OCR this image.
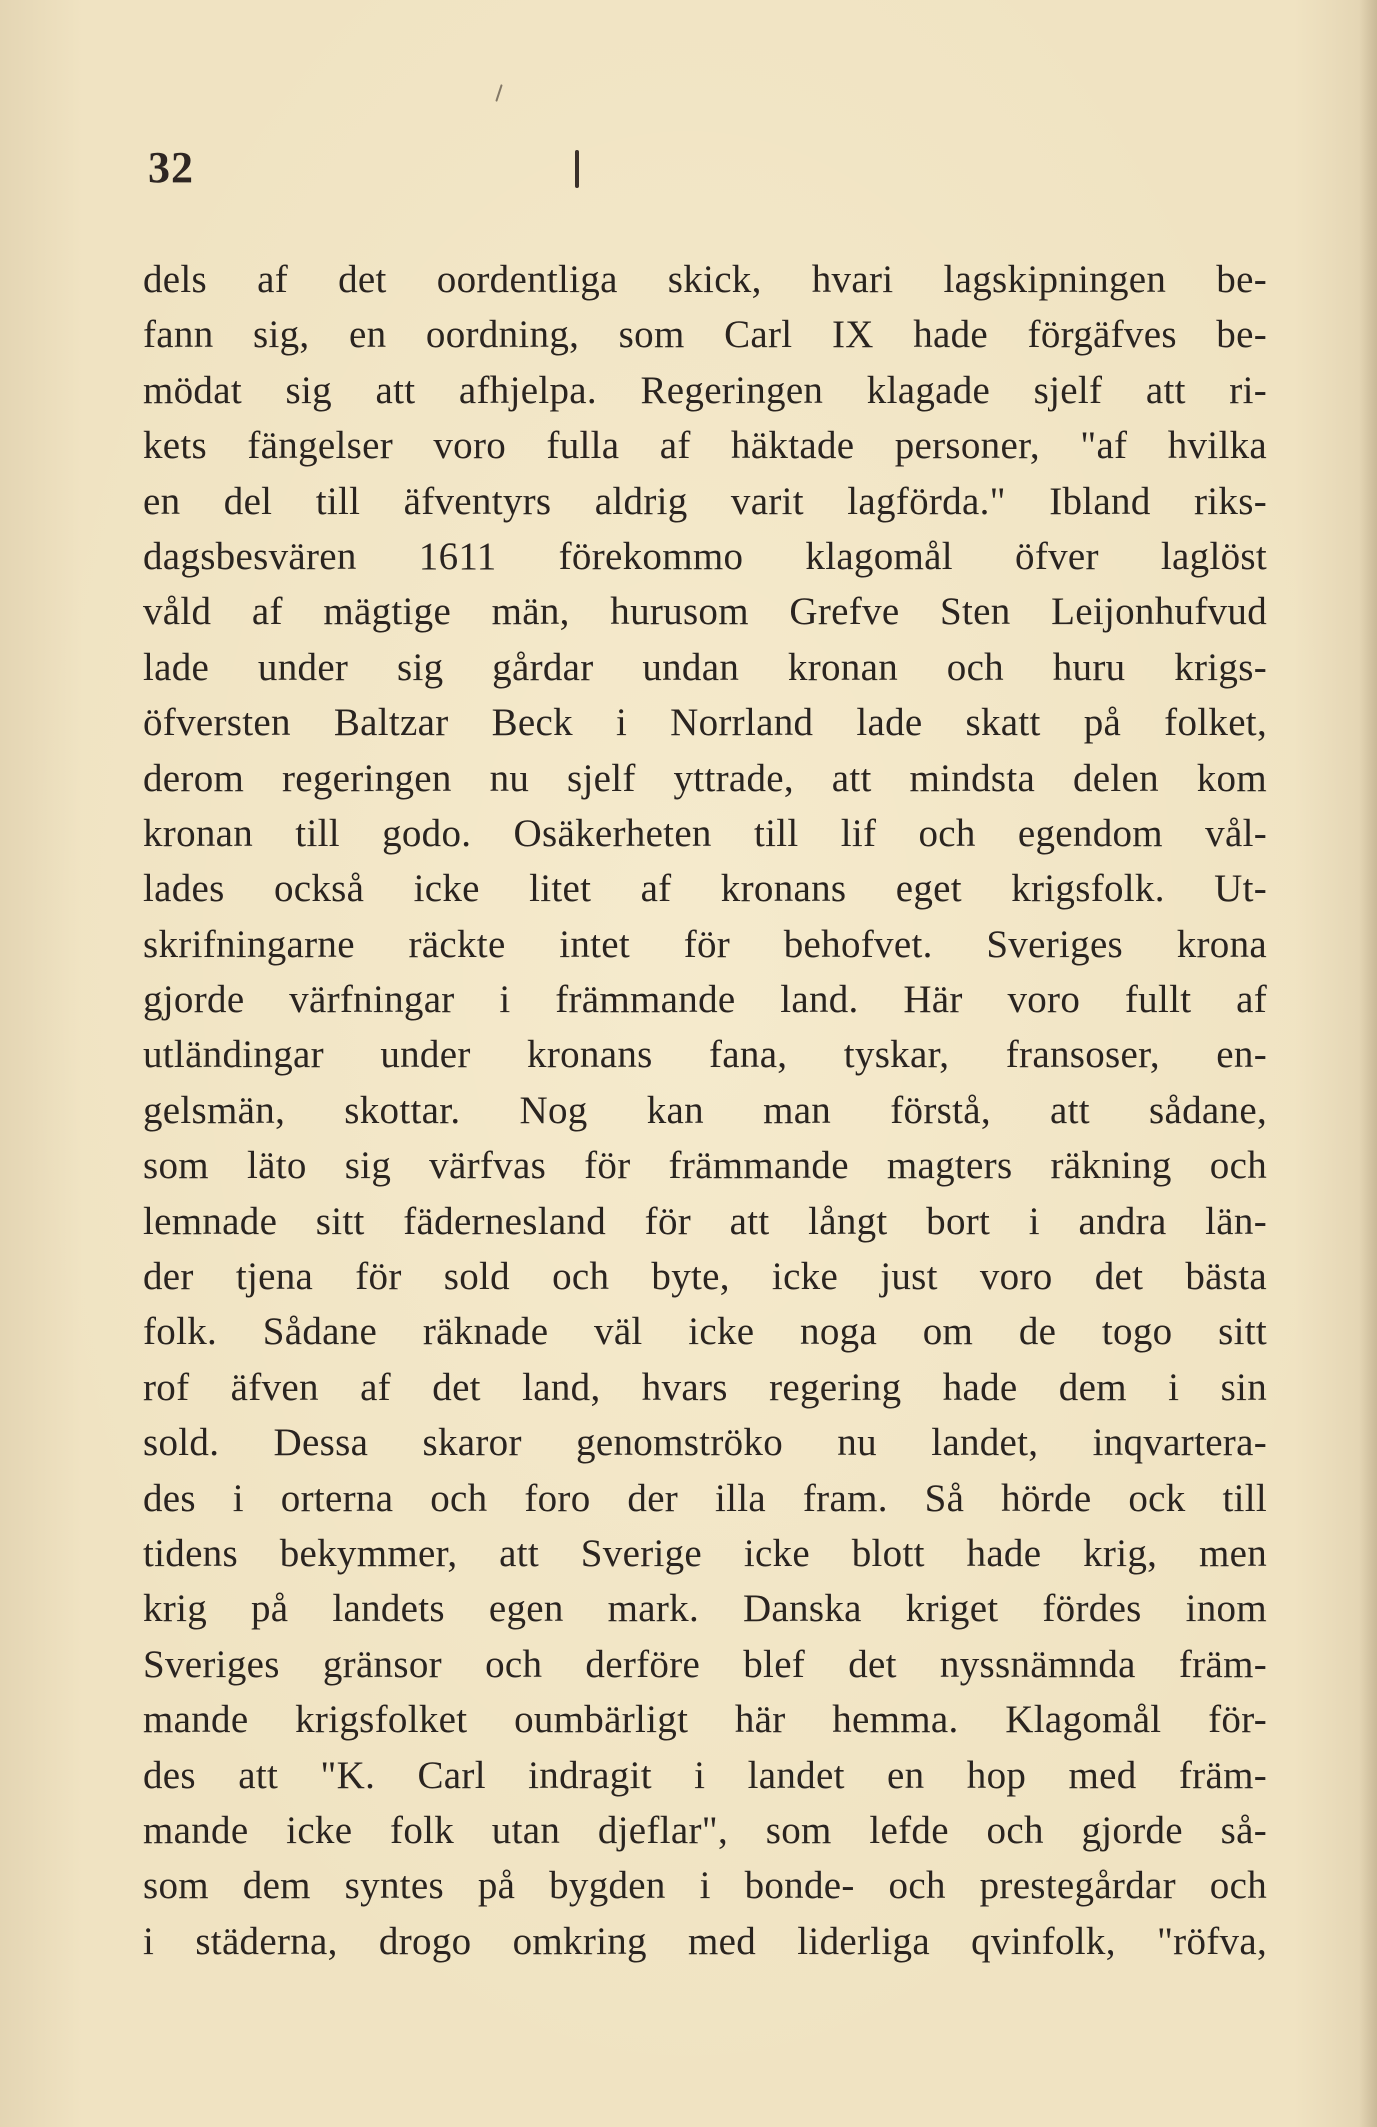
32
dels af det oordentliga skick, hvari lagskipningen be-
fann sig, en oordning, som Carl IX hade förgäfves be-
mödat sig att afhjelpa. Regeringen klagade sjelf att ri-
kets fängelser voro fulla af häktade personer, "af hvilka
en del till äfventyrs aldrig varit lagförda." Ibland riks-
dagsbesvären 1611 förekommo klagomål öfver laglöst
våld af mägtige män, hurusom Grefve Sten Leijonhufvud
lade under sig gårdar undan kronan och huru krigs-
öfversten Baltzar Beck i Norrland lade skatt på folket,
derom regeringen nu sjelf yttrade, att mindsta delen kom
kronan till godo. Osäkerheten till lif och egendom vål-
lades också icke litet af kronans eget krigsfolk. Ut-
skrifningarne räckte intet för behofvet. Sveriges krona
gjorde värfningar i främmande land. Här voro fullt af
utländingar under kronans fana, tyskar, fransoser, en-
gelsmän, skottar. Nog kan man förstå, att sådane,
som läto sig värfvas för främmande magters räkning och
lemnade sitt fädernesland för att långt bort i andra län-
der tjena för sold och byte, icke just voro det bästa
folk. Sådane räknade väl icke noga om de togo sitt
rof äfven af det land, hvars regering hade dem i sin
sold. Dessa skaror genomströko nu landet, inqvartera-
des i orterna och foro der illa fram. Så hörde ock till
tidens bekymmer, att Sverige icke blott hade krig, men
krig på landets egen mark. Danska kriget fördes inom
Sveriges gränsor och derföre blef det nyssnämnda främ-
mande krigsfolket oumbärligt här hemma. Klagomål för-
des att "K. Carl indragit i landet en hop med främ-
mande icke folk utan djeflar", som lefde och gjorde så-
som dem syntes på bygden i bonde- och prestegårdar och
i städerna, drogo omkring med liderliga qvinfolk, "röfva,
